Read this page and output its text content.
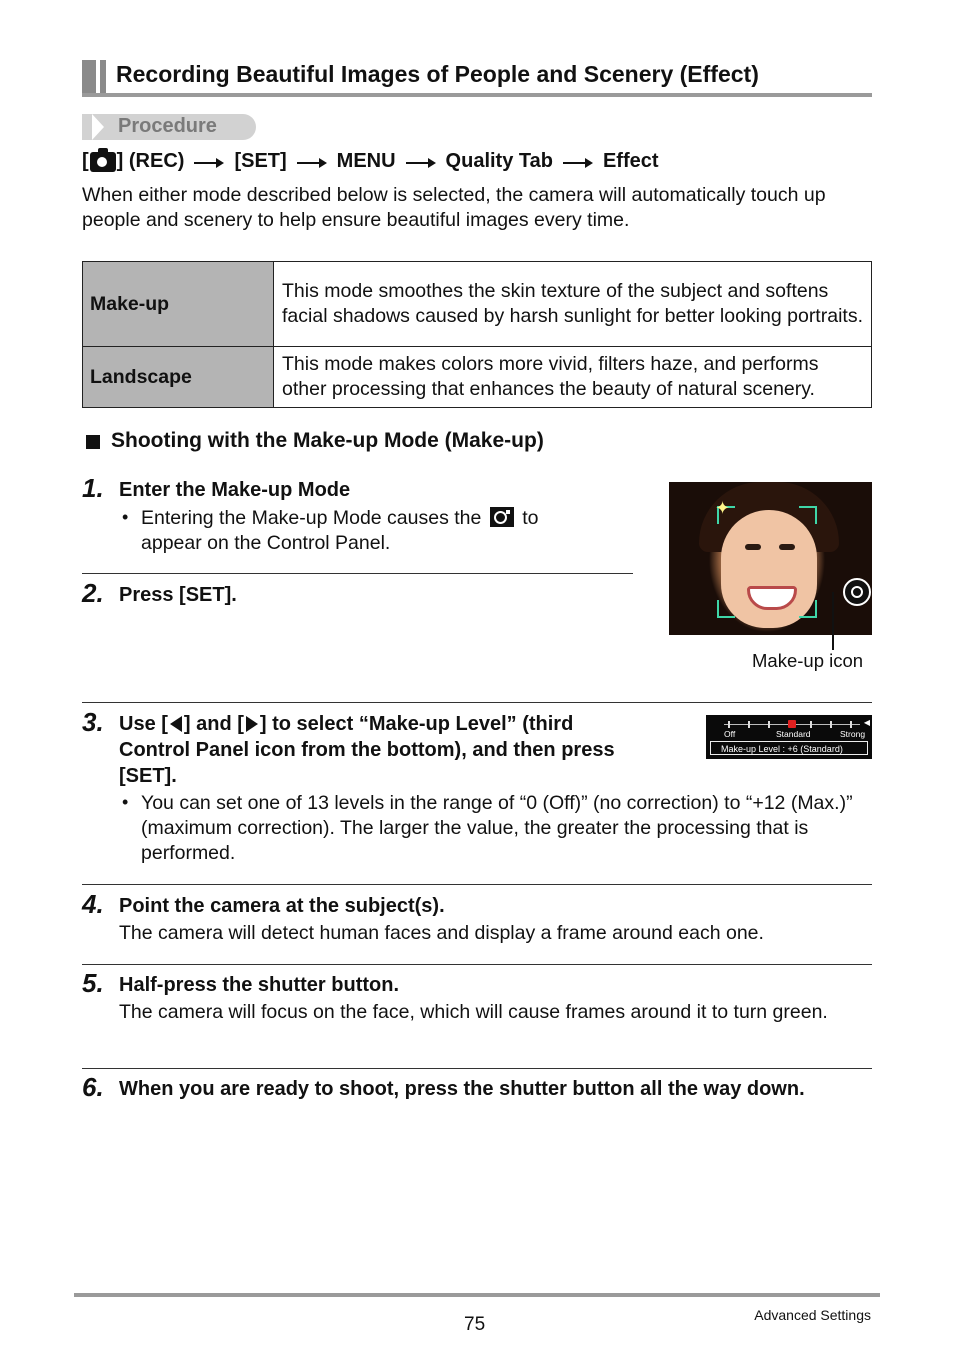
Recording Beautiful Images of People and Scenery (Effect)
Procedure
[ ] (REC)	[SET]	MENU	Quality Tab	Effect
When either mode described below is selected, the camera will automatically touch up people and scenery to help ensure beautiful images every time.
Make-up	This mode smoothes the skin texture of the subject and softens facial shadows caused by harsh sunlight for better looking portraits.
Landscape	This mode makes colors more vivid, filters haze, and performs other processing that enhances the beauty of natural scenery.
Shooting with the Make-up Mode (Make-up)
1. Enter the Make-up Mode
• Entering the Make-up Mode causes the to
appear on the Control Panel.
2. Press [SET].
✦
Make-up icon
3. Use [ ] and [ ] to select “Make-up Level” (third
Control Panel icon from the bottom), and then press
[SET].
Off	Standard	Strong
Make-up Level : +6 (Standard)
◀
• You can set one of 13 levels in the range of “0 (Off)” (no correction) to “+12 (Max.)” (maximum correction). The larger the value, the greater the processing that is performed.
4. Point the camera at the subject(s).
The camera will detect human faces and display a frame around each one.
5. Half-press the shutter button.
The camera will focus on the face, which will cause frames around it to turn green.
6. When you are ready to shoot, press the shutter button all the way down.
75	Advanced Settings
